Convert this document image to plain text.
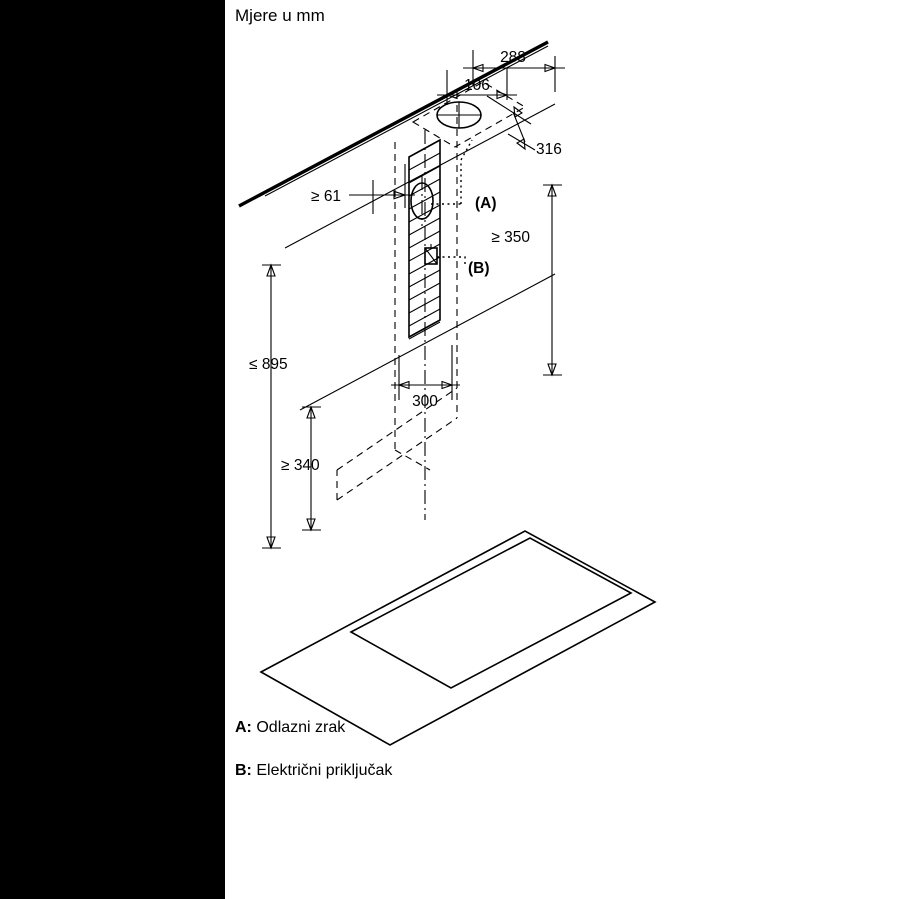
Mjere u mm
288
106
316
≥ 61
≥ 350
≤ 895
≥ 340
300
(A)
(B)
A: Odlazni zrak
B: Električni priključak
